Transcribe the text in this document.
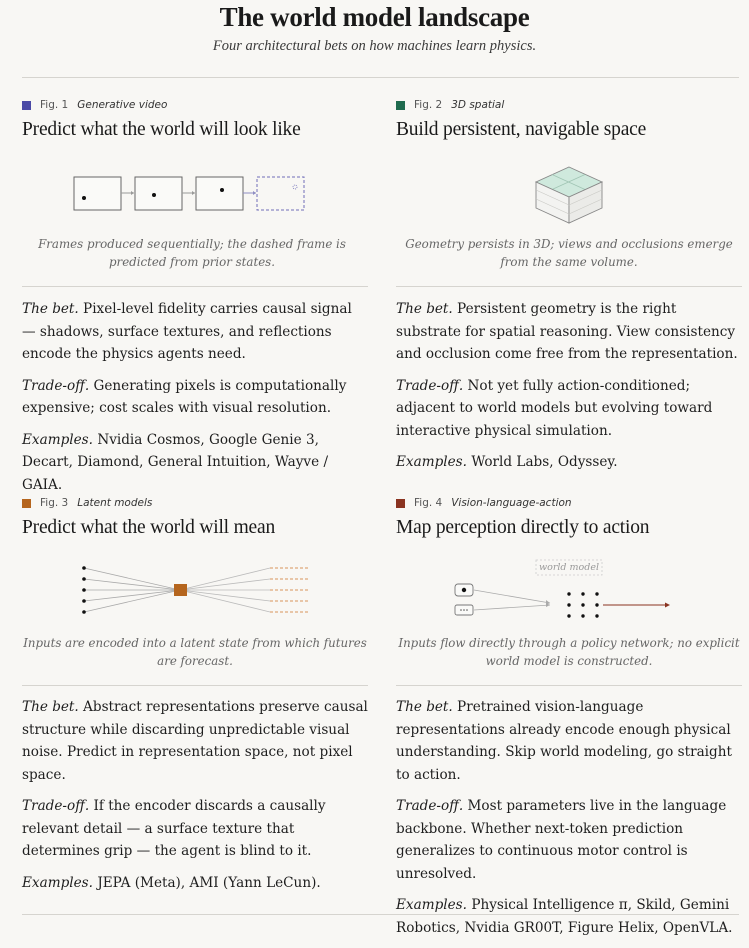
The world model landscape
Four architectural bets on how machines learn physics.
Fig. 1 Generative video
Predict what the world will look like
world model
Frames produced sequentially; the dashed frame is predicted from prior states.

The bet. Pixel-level fidelity carries causal signal — shadows, surface textures, and reflections encode the physics agents need.

Trade-off. Generating pixels is computationally expensive; cost scales with visual resolution.

Examples. Nvidia Cosmos, Google Genie 3, Decart, Diamond, General Intuition, Wayve / GAIA.

Fig. 2 3D spatial
Build persistent, navigable space
Geometry persists in 3D; views and occlusions emerge from the same volume.

The bet. Persistent geometry is the right substrate for spatial reasoning. View consistency and occlusion come free from the representation.

Trade-off. Not yet fully action-conditioned; adjacent to world models but evolving toward interactive physical simulation.

Examples. World Labs, Odyssey.

Fig. 3 Latent models
Predict what the world will mean
Inputs are encoded into a latent state from which futures are forecast.

The bet. Abstract representations preserve causal structure while discarding unpredictable visual noise. Predict in representation space, not pixel space.

Trade-off. If the encoder discards a causally relevant detail — a surface texture that determines grip — the agent is blind to it.

Examples. JEPA (Meta), AMI (Yann LeCun).

Fig. 4 Vision-language-action
Map perception directly to action
Inputs flow directly through a policy network; no explicit world model is constructed.

The bet. Pretrained vision-language representations already encode enough physical understanding. Skip world modeling, go straight to action.

Trade-off. Most parameters live in the language backbone. Whether next-token prediction generalizes to continuous motor control is unresolved.

Examples. Physical Intelligence π, Skild, Gemini Robotics, Nvidia GR00T, Figure Helix, OpenVLA.
